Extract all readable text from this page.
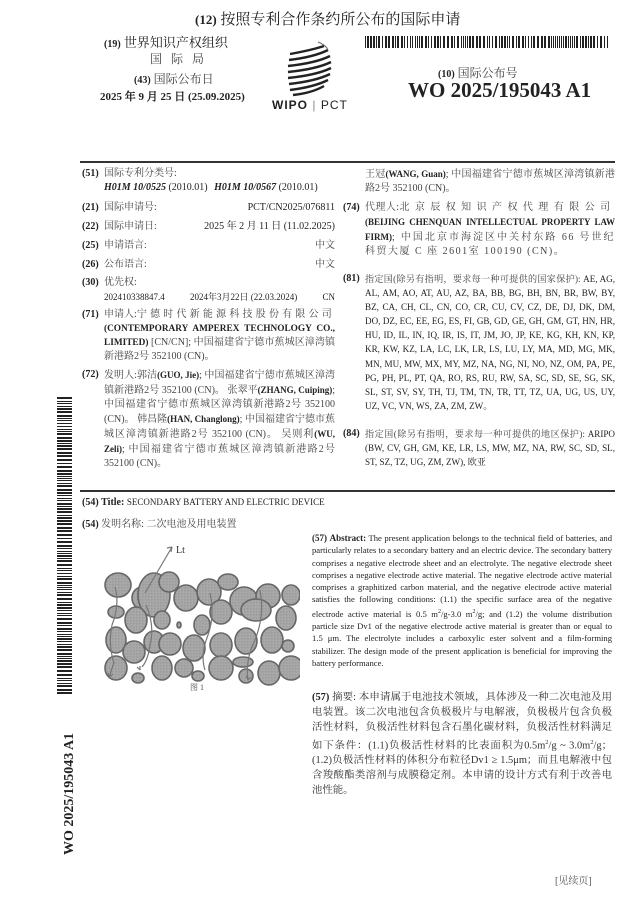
(12) 按照专利合作条约所公布的国际申请
(19) 世界知识产权组织
国 际 局
(43) 国际公布日
2025 年 9 月 25 日 (25.09.2025)
WIPO | PCT
(10) 国际公布号
WO 2025/195043 A1
(51) 国际专利分类号:
H01M 10/0525 (2010.01) H01M 10/0567 (2010.01)
(21) 国际申请号:	PCT/CN2025/076811
(22) 国际申请日:	2025 年 2 月 11 日 (11.02.2025)
(25) 申请语言:	中文
(26) 公布语言:	中文
(30) 优先权:
202410338847.4	2024年3月22日 (22.03.2024)	CN
(71) 申请人:宁德时代新能源科技股份有限公司 (CONTEMPORARY AMPEREX TECHNOLOGY CO., LIMITED) [CN/CN]; 中国福建省宁德市蕉城区漳湾镇新港路2号 352100 (CN)。
(72) 发明人:郭洁(GUO, Jie); 中国福建省宁德市蕉城区漳湾镇新港路2号 352100 (CN)。 张翠平(ZHANG, Cuiping); 中国福建省宁德市蕉城区漳湾镇新港路2号 352100 (CN)。 韩昌隆(HAN, Changlong); 中国福建省宁德市蕉城区漳湾镇新港路2号 352100 (CN)。 吴则利(WU, Zeli); 中国福建省宁德市蕉城区漳湾镇新港路2号 352100 (CN)。
王冠(WANG, Guan); 中国福建省宁德市蕉城区漳湾镇新港路2号 352100 (CN)。
(74) 代理人:北京辰权知识产权代理有限公司 (BEIJING CHENQUAN INTELLECTUAL PROPERTY LAW FIRM); 中国北京市海淀区中关村东路 66 号世纪科贸大厦 C 座 2601室 100190 (CN)。
(81) 指定国(除另有指明，要求每一种可提供的国家保护): AE, AG, AL, AM, AO, AT, AU, AZ, BA, BB, BG, BH, BN, BR, BW, BY, BZ, CA, CH, CL, CN, CO, CR, CU, CV, CZ, DE, DJ, DK, DM, DO, DZ, EC, EE, EG, ES, FI, GB, GD, GE, GH, GM, GT, HN, HR, HU, ID, IL, IN, IQ, IR, IS, IT, JM, JO, JP, KE, KG, KH, KN, KP, KR, KW, KZ, LA, LC, LK, LR, LS, LU, LY, MA, MD, MG, MK, MN, MU, MW, MX, MY, MZ, NA, NG, NI, NO, NZ, OM, PA, PE, PG, PH, PL, PT, QA, RO, RS, RU, RW, SA, SC, SD, SE, SG, SK, SL, ST, SV, SY, TH, TJ, TM, TN, TR, TT, TZ, UA, UG, US, UY, UZ, VC, VN, WS, ZA, ZM, ZW。
(84) 指定国(除另有指明，要求每一种可提供的地区保护): ARIPO (BW, CV, GH, GM, KE, LR, LS, MW, MZ, NA, RW, SC, SD, SL, ST, SZ, TZ, UG, ZM, ZW), 欧亚
(54) Title: SECONDARY BATTERY AND ELECTRIC DEVICE
(54) 发明名称: 二次电池及用电装置
Lt
图 1
(57) Abstract: The present application belongs to the technical field of batteries, and particularly relates to a secondary battery and an electric device. The secondary battery comprises a negative electrode sheet and an electrolyte. The negative electrode sheet comprises a negative electrode active material. The negative electrode active material comprises a graphitized carbon material, and the negative electrode active material satisfies the following conditions: (1.1) the specific surface area of the negative electrode active material is 0.5 $m^2/g-3.0$ $m^2/g$; and (1.2) the volume distribution particle size Dv1 of the negative electrode active material is greater than or equal to 1.5 μm. The electrolyte includes a carboxylic ester solvent and a film-forming stabilizer. The design mode of the present application is beneficial for improving the battery performance.
(57) 摘要: 本申请属于电池技术领域，具体涉及一种二次电池及用电装置。该二次电池包含负极极片与电解液，负极极片包含负极活性材料，负极活性材料包含石墨化碳材料，负极活性材料满足如下条件：(1.1)负极活性材料的比表面积为$0.5m^2/g$ ~ $3.0m^2/g$；(1.2)负极活性材料的体积分布粒径Dv1 ≥ 1.5μm；而且电解液中包含羧酸酯类溶剂与成膜稳定剂。本申请的设计方式有利于改善电池性能。
WO 2025/195043 A1
[见续页]
